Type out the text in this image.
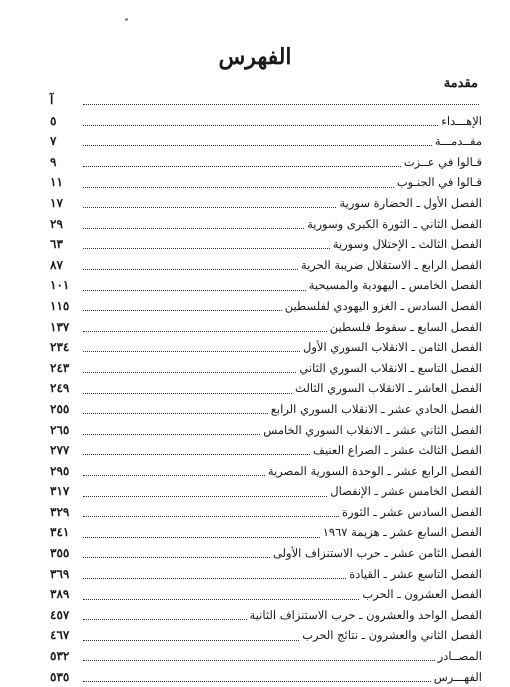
الفهرس
مقدمة
آ
الإهـــداء
٥
مقــدمـــة
٧
قـالوا في عــزت
٩
قـالوا في الجنـوب
١١
الفصل الأول ـ الحضارة سورية
١٧
الفصل الثاني ـ الثورة الكبرى وسورية
٢٩
الفصل الثالث ـ الإحتلال وسورية
٦٣
الفصل الرابع ـ الاستقلال ضريبة الحرية
٨٧
الفصل الخامس ـ اليهودية والمسيحية
١٠١
الفصل السادس ـ الغزو اليهودي لفلسطين
١١٥
الفصل السابع ـ سقوط فلسطين
١٣٧
الفصل الثامن ـ الانقلاب السوري الأول
٢٣٤
الفصل التاسع ـ الانقلاب السوري الثاني
٢٤٣
الفصل العاشر ـ الانقلاب السوري الثالث
٢٤٩
الفصل الحادي عشر ـ الانقلاب السوري الرابع
٢٥٥
الفصل الثاني عشر ـ الانقلاب السوري الخامس
٢٦٥
الفصل الثالث عشر ـ الصراع العنيف
٢٧٧
الفصل الرابع عشر ـ الوحدة السورية المصرية
٢٩٥
الفصل الخامس عشر ـ الإنفصال
٣١٧
الفصل السادس عشر ـ الثورة
٣٢٩
الفصل السابع عشر ـ هزيمة ١٩٦٧
٣٤١
الفصل الثامن عشر ـ حرب الاستنزاف الأولى
٣٥٥
الفصل التاسع عشر ـ القيادة
٣٦٩
الفصل العشرون ـ الحرب
٣٨٩
الفصل الواحد والعشرون ـ حرب الاستنزاف الثانية
٤٥٧
الفصل الثاني والعشرون ـ نتائج الحرب
٤٦٧
المصــادر
٥٣٢
الفهـــرس
٥٣٥
